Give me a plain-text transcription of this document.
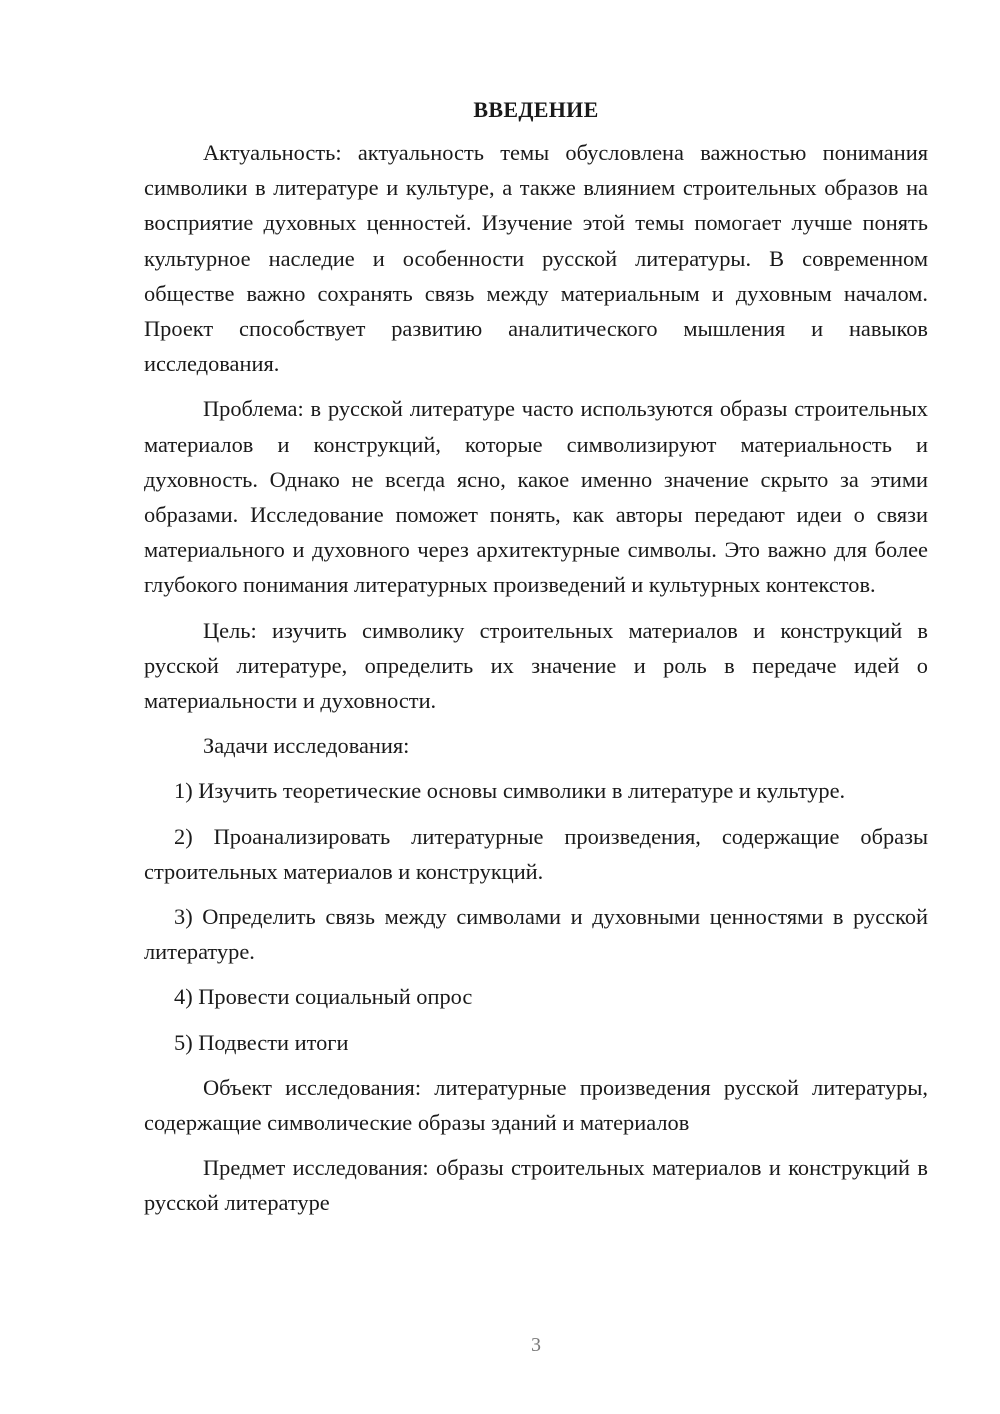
ВВЕДЕНИЕ

Актуальность: актуальность темы обусловлена важностью понимания символики в литературе и культуре, а также влиянием строительных образов на восприятие духовных ценностей. Изучение этой темы помогает лучше понять культурное наследие и особенности русской литературы. В современном обществе важно сохранять связь между материальным и духовным началом. Проект способствует развитию аналитического мышления и навыков исследования.

Проблема: в русской литературе часто используются образы строительных материалов и конструкций, которые символизируют материальность и духовность. Однако не всегда ясно, какое именно значение скрыто за этими образами. Исследование поможет понять, как авторы передают идеи о связи материального и духовного через архитектурные символы. Это важно для более глубокого понимания литературных произведений и культурных контекстов.

Цель: изучить символику строительных материалов и конструкций в русской литературе, определить их значение и роль в передаче идей о материальности и духовности.

Задачи исследования:

1) Изучить теоретические основы символики в литературе и культуре.

2) Проанализировать литературные произведения, содержащие образы строительных материалов и конструкций.

3) Определить связь между символами и духовными ценностями в русской литературе.

4) Провести социальный опрос

5) Подвести итоги

Объект исследования: литературные произведения русской литературы, содержащие символические образы зданий и материалов

Предмет исследования: образы строительных материалов и конструкций в русской литературе

3
